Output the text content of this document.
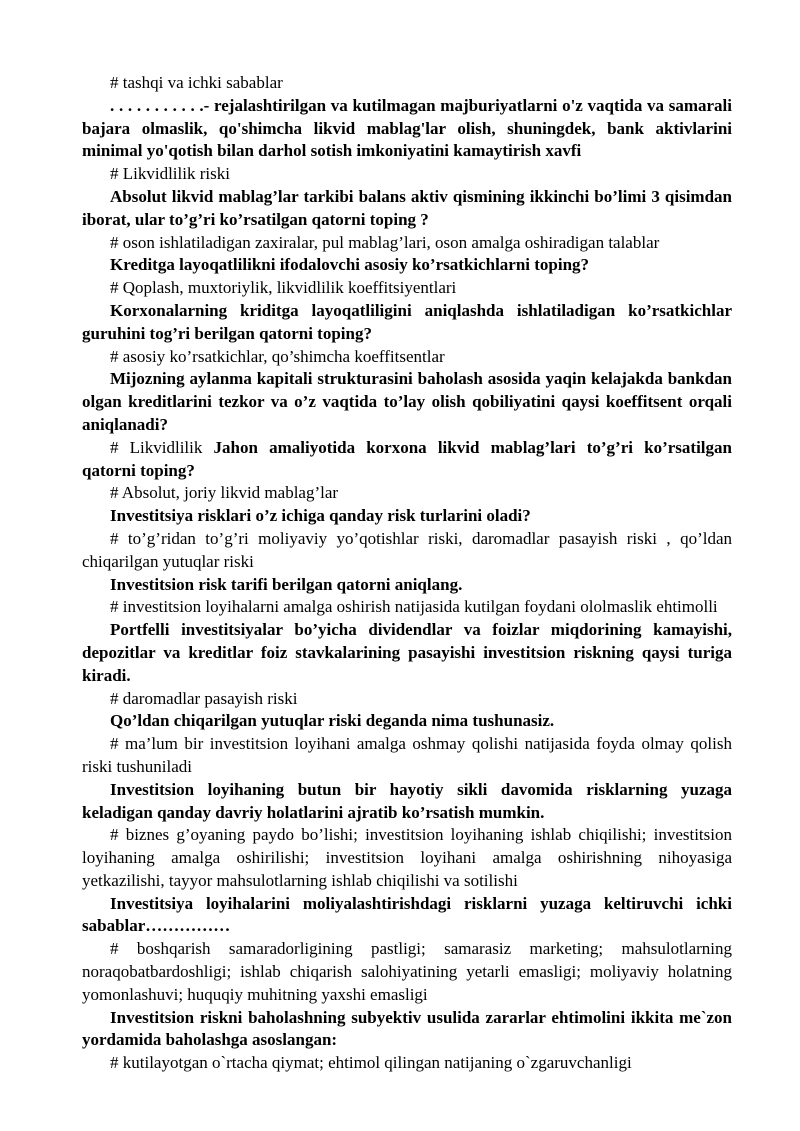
# tashqi va ichki sabablar

. . . . . . . . . . .- rejalashtirilgan va kutilmagan majburiyatlarni o'z vaqtida va samarali bajara olmaslik, qo'shimcha likvid mablag'lar olish, shuningdek, bank aktivlarini minimal yo'qotish bilan darhol sotish imkoniyatini kamaytirish xavfi

# Likvidlilik riski

Absolut likvid mablag’lar tarkibi balans aktiv qismining ikkinchi bo’limi 3 qisimdan iborat, ular to’g’ri ko’rsatilgan qatorni toping ?

# oson ishlatiladigan zaxiralar, pul mablag’lari, oson amalga oshiradigan talablar

Kreditga layoqatlilikni ifodalovchi asosiy ko’rsatkichlarni toping?

# Qoplash, muxtoriylik, likvidlilik koeffitsiyentlari

Korxonalarning kriditga layoqatliligini aniqlashda ishlatiladigan ko’rsatkichlar guruhini tog’ri berilgan qatorni toping?

# asosiy ko’rsatkichlar, qo’shimcha koeffitsentlar

Mijozning aylanma kapitali strukturasini baholash asosida yaqin kelajakda bankdan olgan kreditlarini tezkor va o’z vaqtida to’lay olish qobiliyatini qaysi koeffitsent orqali aniqlanadi?

# Likvidlilik Jahon amaliyotida korxona likvid mablag’lari to’g’ri ko’rsatilgan qatorni toping?

# Absolut, joriy likvid mablag’lar

Investitsiya risklari o’z ichiga qanday risk turlarini oladi?

# to’g’ridan to’g’ri moliyaviy yo’qotishlar riski, daromadlar pasayish riski , qo’ldan chiqarilgan yutuqlar riski

Investitsion risk tarifi berilgan qatorni aniqlang.

# investitsion loyihalarni amalga oshirish natijasida kutilgan foydani ololmaslik ehtimolli

Portfelli investitsiyalar bo’yicha dividendlar va foizlar miqdorining kamayishi, depozitlar va kreditlar foiz stavkalarining pasayishi investitsion riskning qaysi turiga kiradi.

# daromadlar pasayish riski

Qo’ldan chiqarilgan yutuqlar riski deganda nima tushunasiz.

# ma’lum bir investitsion loyihani amalga oshmay qolishi natijasida foyda olmay qolish riski tushuniladi

Investitsion loyihaning butun bir hayotiy sikli davomida risklarning yuzaga keladigan qanday davriy holatlarini ajratib ko’rsatish mumkin.

# biznes g’oyaning paydo bo’lishi; investitsion loyihaning ishlab chiqilishi; investitsion loyihaning amalga oshirilishi; investitsion loyihani amalga oshirishning nihoyasiga yetkazilishi, tayyor mahsulotlarning ishlab chiqilishi va sotilishi

Investitsiya loyihalarini moliyalashtirishdagi risklarni yuzaga keltiruvchi ichki sabablar……………

# boshqarish samaradorligining pastligi; samarasiz marketing; mahsulotlarning noraqobatbardoshligi; ishlab chiqarish salohiyatining yetarli emasligi; moliyaviy holatning yomonlashuvi; huquqiy muhitning yaxshi emasligi

Investitsion riskni baholashning subyektiv usulida zararlar ehtimolini ikkita me`zon yordamida baholashga asoslangan:

# kutilayotgan o`rtacha qiymat; ehtimol qilingan natijaning o`zgaruvchanligi
